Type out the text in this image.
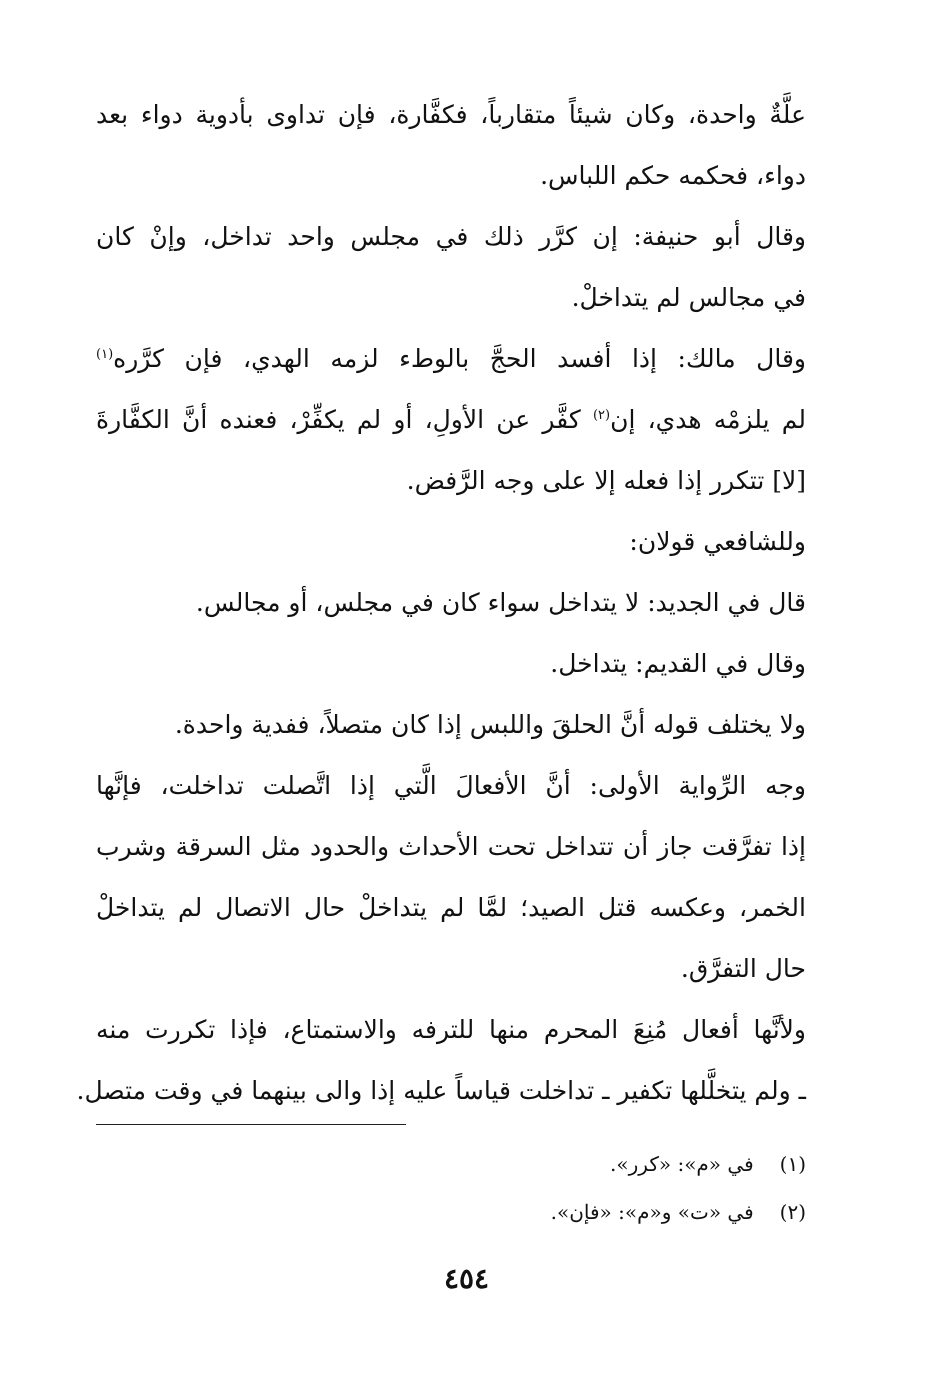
علَّةٌ واحدة، وكان شيئاً متقارباً، فكفَّارة، فإن تداوى بأدوية دواء بعد
دواء، فحكمه حكم اللباس.
وقال أبو حنيفة: إن كرَّر ذلك في مجلس واحد تداخل، وإنْ كان
في مجالس لم يتداخلْ.
وقال مالك: إذا أفسد الحجَّ بالوطء لزمه الهدي، فإن كرَّره$^{(١)}$
لم يلزمْه هدي، إن$^{(٢)}$ كفَّر عن الأولِ، أو لم يكفِّرْ، فعنده أنَّ الكفَّارةَ
[لا] تتكرر إذا فعله إلا على وجه الرَّفض.
وللشافعي قولان:
قال في الجديد: لا يتداخل سواء كان في مجلس، أو مجالس.
وقال في القديم: يتداخل.
ولا يختلف قوله أنَّ الحلقَ واللبس إذا كان متصلاً، ففدية واحدة.
وجه الرِّواية الأولى: أنَّ الأفعالَ الَّتي إذا اتَّصلت تداخلت، فإنَّها
إذا تفرَّقت جاز أن تتداخل تحت الأحداث والحدود مثل السرقة وشرب
الخمر، وعكسه قتل الصيد؛ لمَّا لم يتداخلْ حال الاتصال لم يتداخلْ
حال التفرَّق.
ولأنَّها أفعال مُنِعَ المحرم منها للترفه والاستمتاع، فإذا تكررت منه
ـ ولم يتخلَّلها تكفير ـ تداخلت قياساً عليه إذا والى بينهما في وقت متصل.
(١) في «م»: «كرر».
(٢) في «ت» و«م»: «فإن».
٤٥٤
